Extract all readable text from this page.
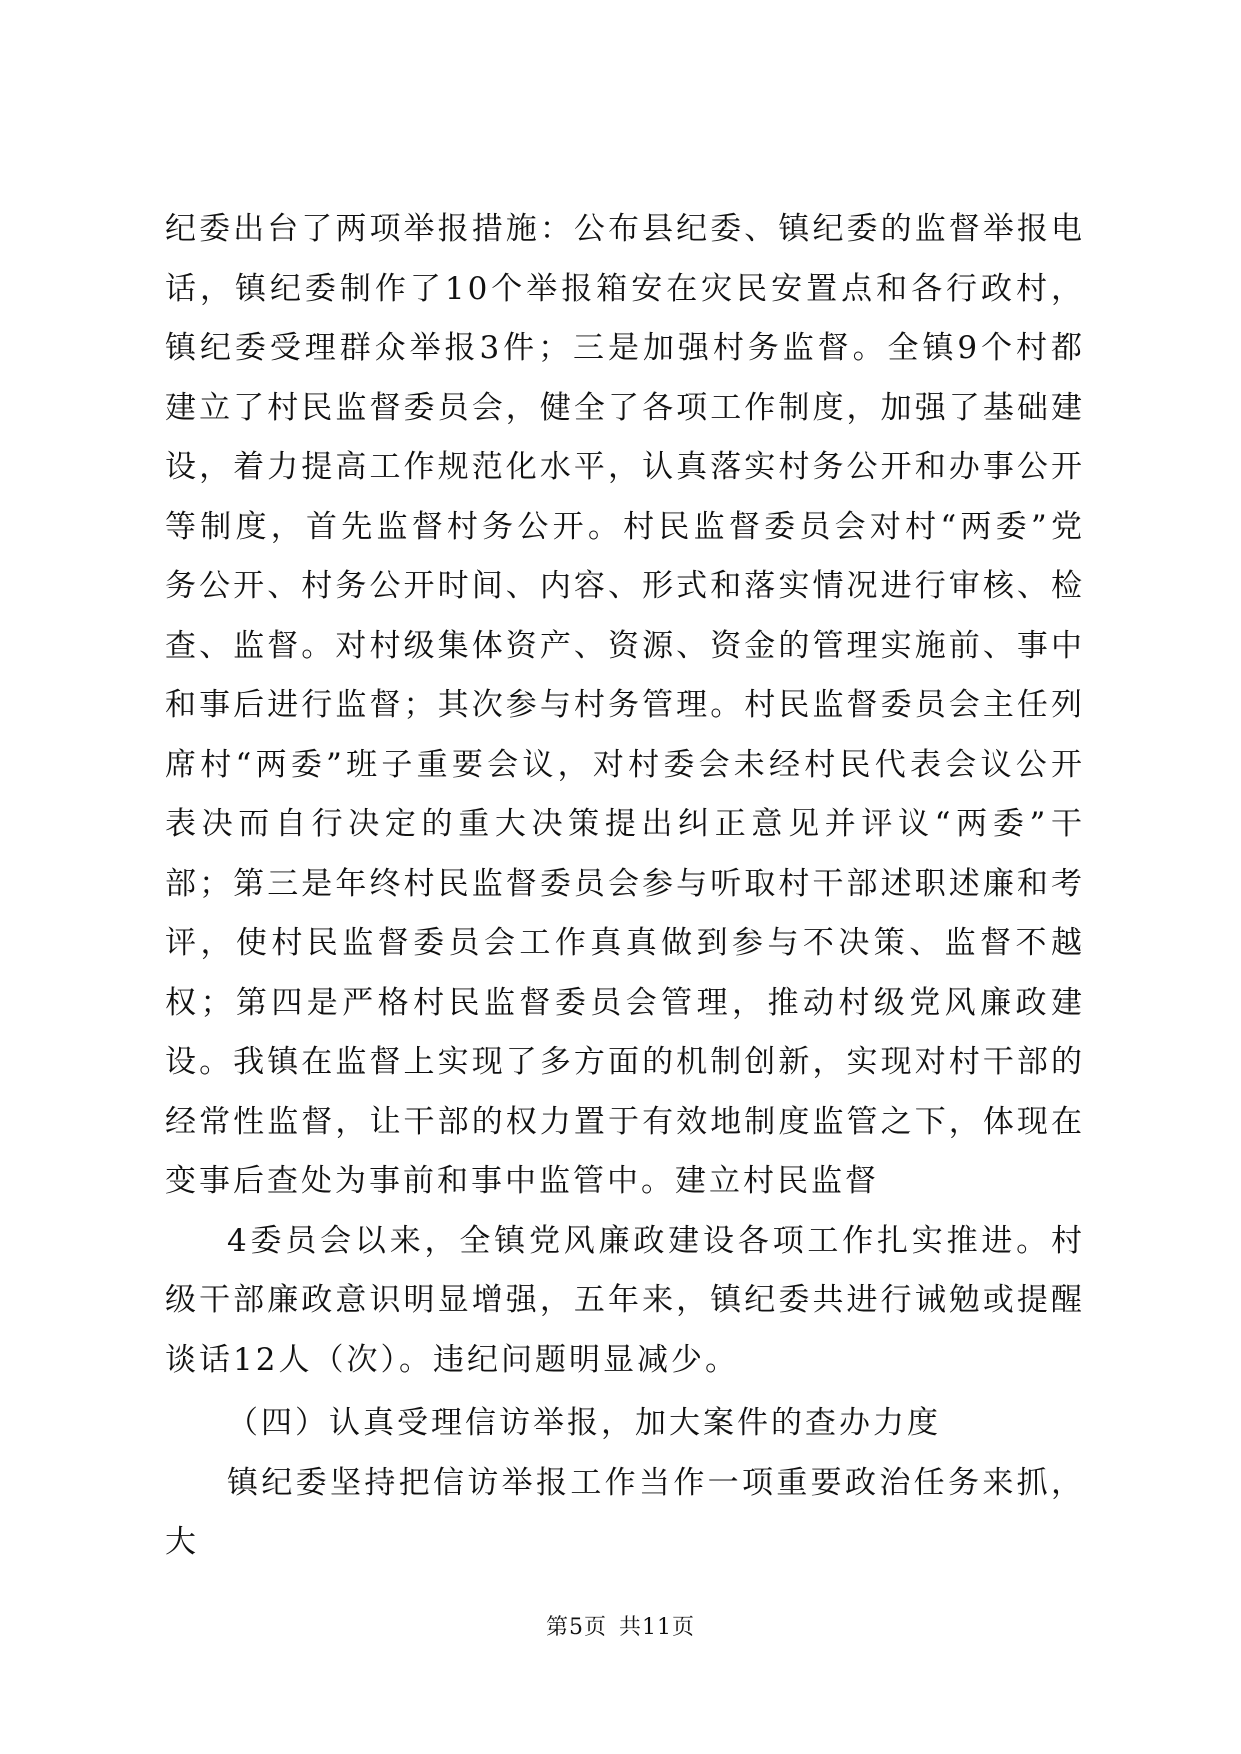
纪委出台了两项举报措施：公布县纪委、镇纪委的监督举报电话，镇纪委制作了10个举报箱安在灾民安置点和各行政村，镇纪委受理群众举报3件；三是加强村务监督。全镇9个村都建立了村民监督委员会，健全了各项工作制度，加强了基础建设，着力提高工作规范化水平，认真落实村务公开和办事公开等制度，首先监督村务公开。村民监督委员会对村“两委”党务公开、村务公开时间、内容、形式和落实情况进行审核、检查、监督。对村级集体资产、资源、资金的管理实施前、事中和事后进行监督；其次参与村务管理。村民监督委员会主任列席村“两委”班子重要会议，对村委会未经村民代表会议公开表决而自行决定的重大决策提出纠正意见并评议“两委”干部；第三是年终村民监督委员会参与听取村干部述职述廉和考评，使村民监督委员会工作真真做到参与不决策、监督不越权；第四是严格村民监督委员会管理，推动村级党风廉政建设。我镇在监督上实现了多方面的机制创新，实现对村干部的经常性监督，让干部的权力置于有效地制度监管之下，体现在变事后查处为事前和事中监管中。建立村民监督

4委员会以来，全镇党风廉政建设各项工作扎实推进。村级干部廉政意识明显增强，五年来，镇纪委共进行诫勉或提醒谈话12人（次）。违纪问题明显减少。

（四）认真受理信访举报，加大案件的查办力度

镇纪委坚持把信访举报工作当作一项重要政治任务来抓，大

第5页 共11页
